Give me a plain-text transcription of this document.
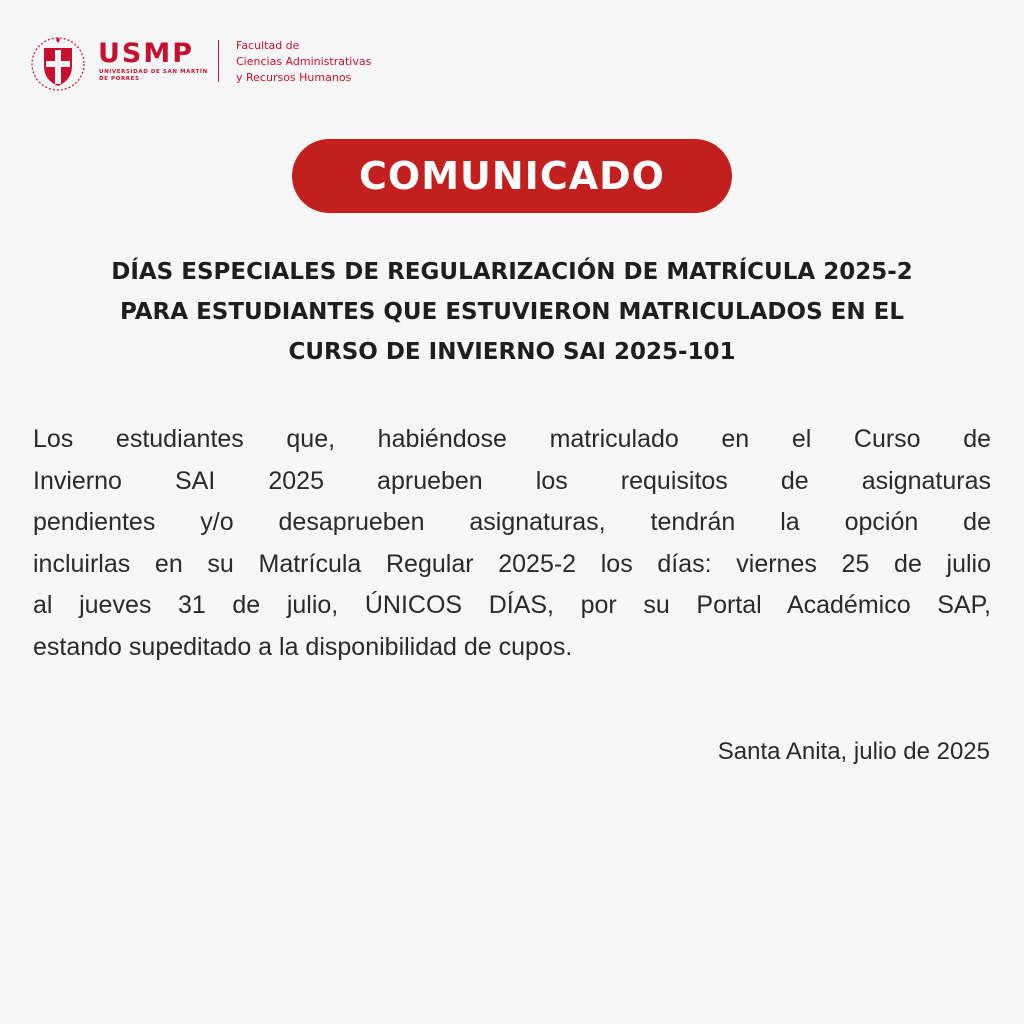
USMP
UNIVERSIDAD DE SAN MARTÍN DE PORRES
Facultad de
Ciencias Administrativas
y Recursos Humanos
COMUNICADO
DÍAS ESPECIALES DE REGULARIZACIÓN DE MATRÍCULA 2025-2
PARA ESTUDIANTES QUE ESTUVIERON MATRICULADOS EN EL
CURSO DE INVIERNO SAI 2025-101
Los estudiantes que, habiéndose matriculado en el Curso de
Invierno SAI 2025 aprueben los requisitos de asignaturas
pendientes y/o desaprueben asignaturas, tendrán la opción de
incluirlas en su Matrícula Regular 2025-2 los días: viernes 25 de julio
al jueves 31 de julio, ÚNICOS DÍAS, por su Portal Académico SAP,
estando supeditado a la disponibilidad de cupos.
Santa Anita, julio de 2025
